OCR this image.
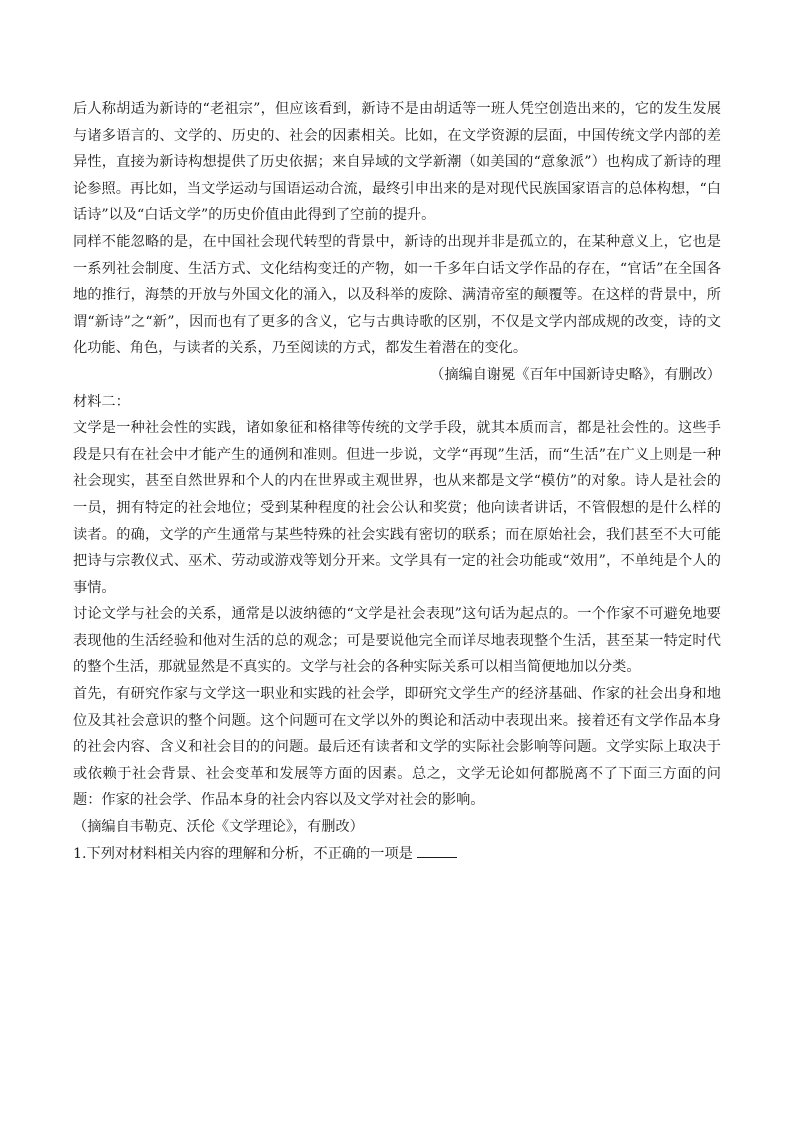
后人称胡适为新诗的“老祖宗”，但应该看到，新诗不是由胡适等一班人凭空创造出来的，它的发生发展与诸多语言的、文学的、历史的、社会的因素相关。比如，在文学资源的层面，中国传统文学内部的差异性，直接为新诗构想提供了历史依据；来自异域的文学新潮（如美国的“意象派”）也构成了新诗的理论参照。再比如，当文学运动与国语运动合流，最终引申出来的是对现代民族国家语言的总体构想，“白话诗”以及“白话文学”的历史价值由此得到了空前的提升。

同样不能忽略的是，在中国社会现代转型的背景中，新诗的出现并非是孤立的，在某种意义上，它也是一系列社会制度、生活方式、文化结构变迁的产物，如一千多年白话文学作品的存在，“官话”在全国各地的推行，海禁的开放与外国文化的涌入，以及科举的废除、满清帝室的颠覆等。在这样的背景中，所谓“新诗”之“新”，因而也有了更多的含义，它与古典诗歌的区别，不仅是文学内部成规的改变，诗的文化功能、角色，与读者的关系，乃至阅读的方式，都发生着潜在的变化。

（摘编自谢冕《百年中国新诗史略》，有删改）

材料二：

文学是一种社会性的实践，诸如象征和格律等传统的文学手段，就其本质而言，都是社会性的。这些手段是只有在社会中才能产生的通例和准则。但进一步说，文学“再现”生活，而“生活”在广义上则是一种社会现实，甚至自然世界和个人的内在世界或主观世界，也从来都是文学“模仿”的对象。诗人是社会的一员，拥有特定的社会地位；受到某种程度的社会公认和奖赏；他向读者讲话，不管假想的是什么样的读者。的确，文学的产生通常与某些特殊的社会实践有密切的联系；而在原始社会，我们甚至不大可能把诗与宗教仪式、巫术、劳动或游戏等划分开来。文学具有一定的社会功能或“效用”，不单纯是个人的事情。

讨论文学与社会的关系，通常是以波纳德的“文学是社会表现”这句话为起点的。一个作家不可避免地要表现他的生活经验和他对生活的总的观念；可是要说他完全而详尽地表现整个生活，甚至某一特定时代的整个生活，那就显然是不真实的。文学与社会的各种实际关系可以相当简便地加以分类。

首先，有研究作家与文学这一职业和实践的社会学，即研究文学生产的经济基础、作家的社会出身和地位及其社会意识的整个问题。这个问题可在文学以外的舆论和活动中表现出来。接着还有文学作品本身的社会内容、含义和社会目的的问题。最后还有读者和文学的实际社会影响等问题。文学实际上取决于或依赖于社会背景、社会变革和发展等方面的因素。总之，文学无论如何都脱离不了下面三方面的问题：作家的社会学、作品本身的社会内容以及文学对社会的影响。

（摘编自韦勒克、沃伦《文学理论》，有删改）

1.下列对材料相关内容的理解和分析，不正确的一项是
